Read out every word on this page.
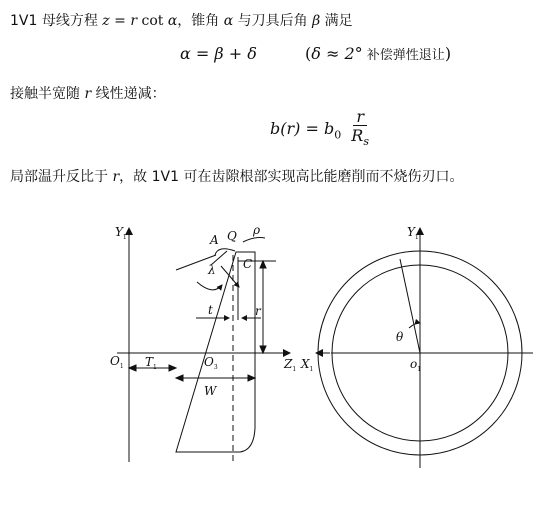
1V1 母线方程 z = r cot α，锥角 α 与刀具后角 β 满足
α = β + δ	(δ ≈ 2° 补偿弹性退让)
接触半宽随 r 线性递减：
$b(r) = b_0 \frac{r}{R_s}$
局部温升反比于 r，故 1V1 可在齿隙根部实现高比能磨削而不烧伤刃口。
$Y_1$	A Q ρ
C
λ
t	r
$O_1$ $T_1$	$O_3$
W
$Z_1$ $X_1$
$Y_1$
θ
$o_1$
